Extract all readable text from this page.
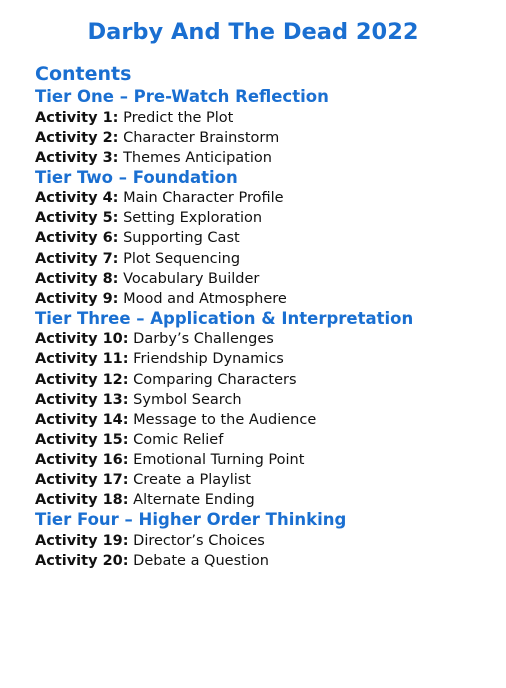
Darby And The Dead 2022
Contents
Tier One – Pre-Watch Reflection
Activity 1: Predict the Plot
Activity 2: Character Brainstorm
Activity 3: Themes Anticipation
Tier Two – Foundation
Activity 4: Main Character Profile
Activity 5: Setting Exploration
Activity 6: Supporting Cast
Activity 7: Plot Sequencing
Activity 8: Vocabulary Builder
Activity 9: Mood and Atmosphere
Tier Three – Application & Interpretation
Activity 10: Darby’s Challenges
Activity 11: Friendship Dynamics
Activity 12: Comparing Characters
Activity 13: Symbol Search
Activity 14: Message to the Audience
Activity 15: Comic Relief
Activity 16: Emotional Turning Point
Activity 17: Create a Playlist
Activity 18: Alternate Ending
Tier Four – Higher Order Thinking
Activity 19: Director’s Choices
Activity 20: Debate a Question
